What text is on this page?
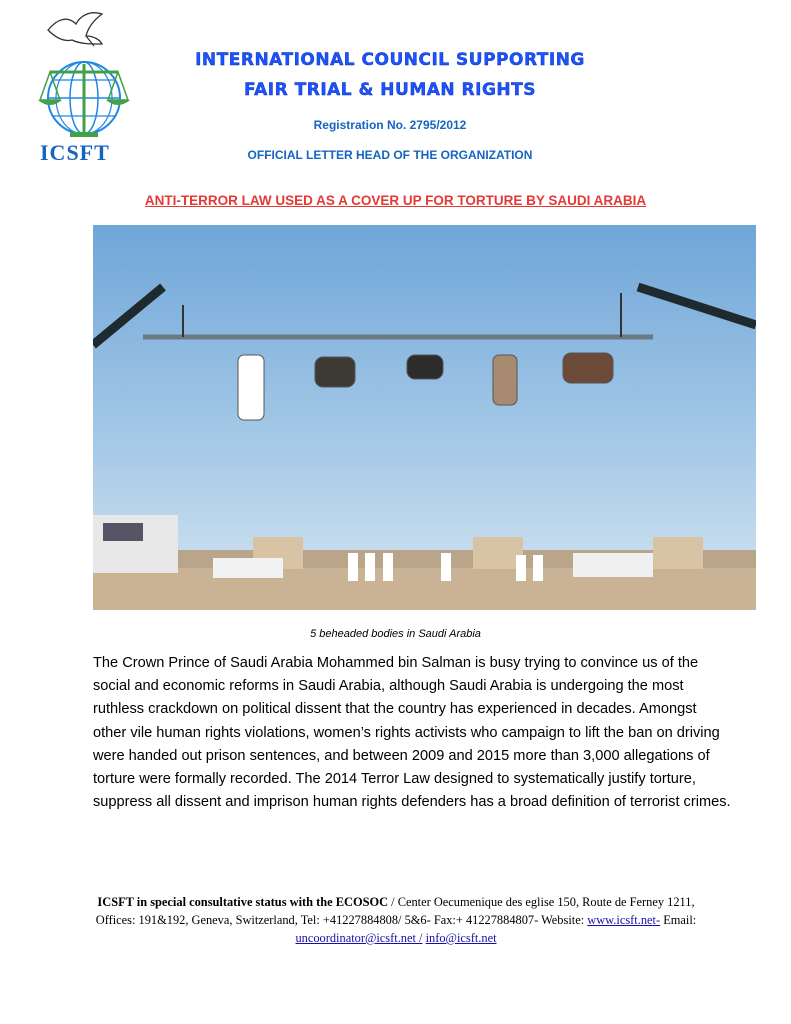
ICSFT
INTERNATIONAL COUNCIL SUPPORTING
FAIR TRIAL & HUMAN RIGHTS
Registration No. 2795/2012
OFFICIAL LETTER HEAD OF THE ORGANIZATION
ANTI-TERROR LAW USED AS A COVER UP FOR TORTURE BY SAUDI ARABIA
5 beheaded bodies in Saudi Arabia
The Crown Prince of Saudi Arabia Mohammed bin Salman is busy trying to convince us of the social and economic reforms in Saudi Arabia, although Saudi Arabia is undergoing the most ruthless crackdown on political dissent that the country has experienced in decades. Amongst other vile human rights violations, women’s rights activists who campaign to lift the ban on driving were handed out prison sentences, and between 2009 and 2015 more than 3,000 allegations of torture were formally recorded. The 2014 Terror Law designed to systematically justify torture, suppress all dissent and imprison human rights defenders has a broad definition of terrorist crimes.
ICSFT in special consultative status with the ECOSOC / Center Oecumenique des eglise 150, Route de Ferney 1211, Offices: 191&192, Geneva, Switzerland, Tel: +41227884808/ 5&6- Fax:+ 41227884807- Website: www.icsft.net- Email: uncoordinator@icsft.net / info@icsft.net
